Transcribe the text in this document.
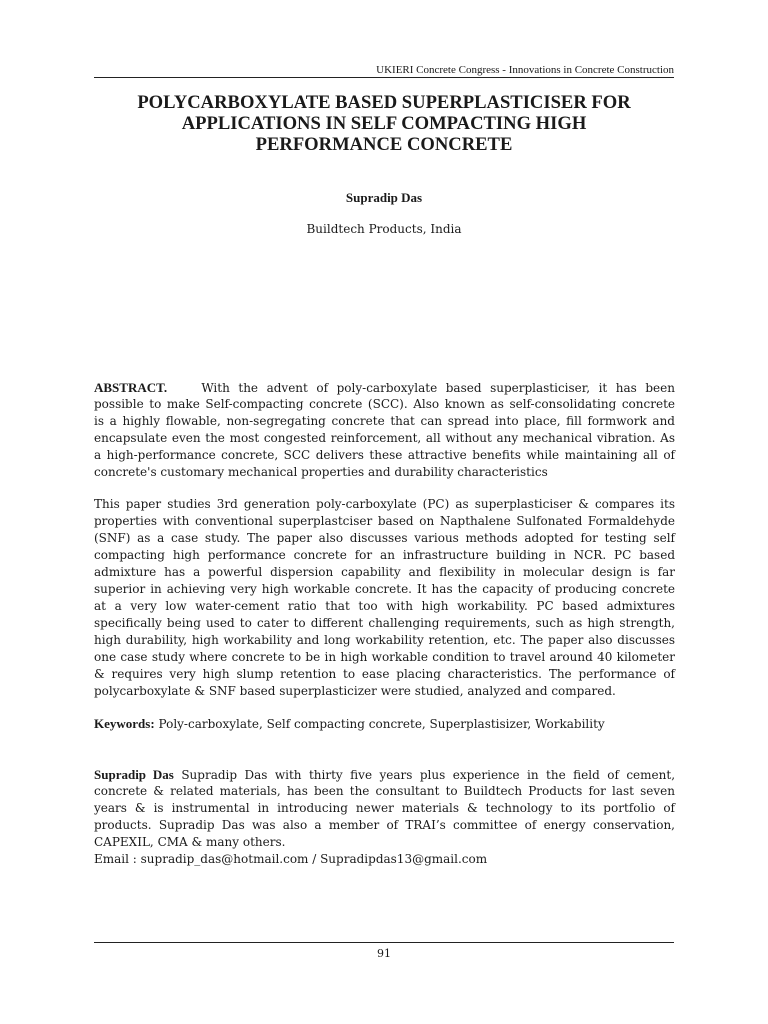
UKIERI Concrete Congress - Innovations in Concrete Construction
POLYCARBOXYLATE BASED SUPERPLASTICISER FOR
APPLICATIONS IN SELF COMPACTING HIGH
PERFORMANCE CONCRETE
Supradip Das
Buildtech Products, India
ABSTRACT.	With the advent of poly-carboxylate based superplasticiser, it has been
possible to make Self-compacting concrete (SCC). Also known as self-consolidating concrete
is a highly flowable, non-segregating concrete that can spread into place, fill formwork and
encapsulate even the most congested reinforcement, all without any mechanical vibration. As
a high-performance concrete, SCC delivers these attractive benefits while maintaining all of
concrete's customary mechanical properties and durability characteristics
This paper studies 3rd generation poly-carboxylate (PC) as superplasticiser & compares its
properties with conventional superplastciser based on Napthalene Sulfonated Formaldehyde
(SNF) as a case study. The paper also discusses various methods adopted for testing self
compacting high performance concrete for an infrastructure building in NCR. PC based
admixture has a powerful dispersion capability and flexibility in molecular design is far
superior in achieving very high workable concrete. It has the capacity of producing concrete
at a very low water-cement ratio that too with high workability. PC based admixtures
specifically being used to cater to different challenging requirements, such as high strength,
high durability, high workability and long workability retention, etc. The paper also discusses
one case study where concrete to be in high workable condition to travel around 40 kilometer
& requires very high slump retention to ease placing characteristics. The performance of
polycarboxylate & SNF based superplasticizer were studied, analyzed and compared.
Keywords: Poly-carboxylate, Self compacting concrete, Superplastisizer, Workability
Supradip Das Supradip Das with thirty five years plus experience in the field of cement,
concrete & related materials, has been the consultant to Buildtech Products for last seven
years & is instrumental in introducing newer materials & technology to its portfolio of
products. Supradip Das was also a member of TRAI’s committee of energy conservation,
CAPEXIL, CMA & many others.
Email : supradip_das@hotmail.com / Supradipdas13@gmail.com
91
